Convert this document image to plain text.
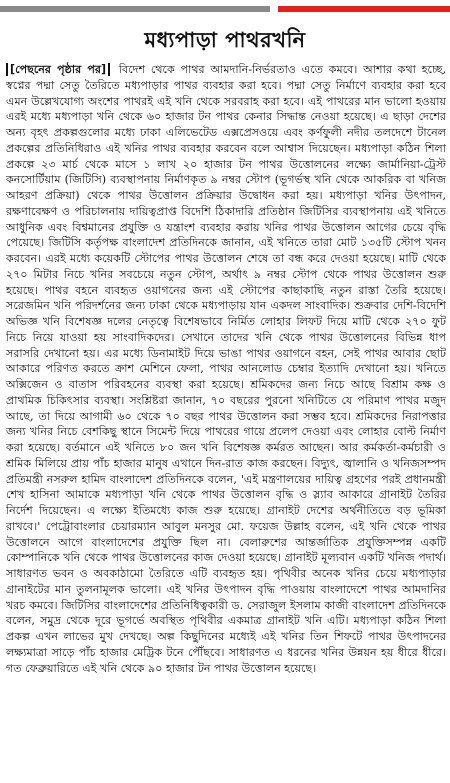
মধ্যপাড়া পাথরখনি
[পেছনের পৃষ্ঠার পর] বিদেশ থেকে পাথর আমদানি-নির্ভরতাও এতে কমবে। আশার কথা হচ্ছে, স্বপ্নের পদ্মা সেতু তৈরিতে মধ্যপাড়ার পাথর ব্যবহার করা হবে। পদ্মা সেতু নির্মাণে ব্যবহার করা হবে এমন উল্লেখযোগ্য অংশের পাথরই এই খনি থেকে সরবরাহ করা হবে। এই পাথরের মান ভালো হওয়ায় এরই মধ্যে মধ্যপাড়া খনি থেকে ৬০ হাজার টন পাথর কেনার সিদ্ধান্ত নেওয়া হয়েছে। এ ছাড়া দেশের অন্য বৃহৎ প্রকল্পগুলোর মধ্যে ঢাকা এলিভেটেড এক্সপ্রেসওয়ে এবং কর্ণফুলী নদীর তলদেশে টানেল প্রকল্পের প্রতিনিধিরাও এই খনির পাথর ব্যবহার করবেন বলে আশ্বাস দিয়েছেন। মধ্যপাড়া কঠিন শিলা প্রকল্পে ২৩ মার্চ থেকে মাসে ১ লাখ ২০ হাজার টন পাথর উত্তোলনের লক্ষ্যে জার্মানিয়া-ট্রেস্ট কনসোর্টিয়াম (জিটিসি) ব্যবস্থাপনায় নির্মাণকৃত ৯ নম্বর স্টোপ (ভূগর্ভস্থ খনি থেকে আকরিক বা খনিজ আহরণ প্রক্রিয়া) থেকে পাথর উত্তোলন প্রক্রিয়ার উদ্বোধন করা হয়। মধ্যপাড়া খনির উৎপাদন, রক্ষণাবেক্ষণ ও পরিচালনায় দায়িত্বপ্রাপ্ত বিদেশি ঠিকাদারি প্রতিষ্ঠান জিটিসির ব্যবস্থাপনায় এই খনিতে আধুনিক এবং বিশ্বমানের প্রযুক্তি ও যন্ত্রাংশ ব্যবহার করায় খনির পাথর উত্তোলন আগের চেয়ে বৃদ্ধি পেয়েছে। জিটিসি কর্তৃপক্ষ বাংলাদেশ প্রতিদিনকে জানান, এই খনিতে তারা মোট ১৩৫টি স্টোপ খনন করবেন। এরই মধ্যে কয়েকটি স্টোপের পাথর উত্তোলন শেষে তা বন্ধ করে দেওয়া হয়েছে। মাটি থেকে ২৭০ মিটার নিচে খনির সবচেয়ে নতুন স্টোপ, অর্থাৎ ৯ নম্বর স্টোপ থেকে পাথর উত্তোলন শুরু হয়েছে। পাথর বহনে ব্যবহৃত ওয়াগনের জন্য এই স্টোপের কাছাকাছি নতুন রাস্তা তৈরি হয়েছে। সরেজমিন খনি পরিদর্শনের জন্য ঢাকা থেকে মধ্যপাড়ায় যান একদল সাংবাদিক। শুক্রবার দেশি-বিদেশি অভিজ্ঞ খনি বিশেষজ্ঞ দলের নেতৃত্বে বিশেষভাবে নির্মিত লোহার লিফট দিয়ে মাটি থেকে ২৭০ ফুট নিচে নিয়ে যাওয়া হয় সাংবাদিকদের। সেখানে তাদের খনি থেকে পাথর উত্তোলনের বিভিন্ন ধাপ সরাসরি দেখানো হয়। এর মধ্যে ডিনামাইট দিয়ে ভাঙা পাথর ওয়াগনে বহন, সেই পাথর আবার ছোট আকারে পরিণত করতে ক্রাশ মেশিনে ফেলা, পাথর আনলোড চেম্বার ইত্যাদি দেখানো হয়। খনিতে অক্সিজেন ও বাতাস পরিবহনের ব্যবস্থা করা হয়েছে। শ্রমিকদের জন্য নিচে আছে বিশ্রাম কক্ষ ও প্রাথমিক চিকিৎসার ব্যবস্থা। সংশ্লিষ্টরা জানান, ৭০ বছরের পুরনো খনিটিতে যে পরিমাণ পাথর মজুদ আছে, তা দিয়ে আগামী ৬০ থেকে ৭০ বছর পাথর উত্তোলন করা সম্ভব হবে। শ্রমিকদের নিরাপত্তার জন্য খনির নিচে বেশকিছু স্থানে সিমেন্ট দিয়ে পাথরের গায়ে প্রলেপ দেওয়া এবং লোহার বোল্ট নির্মাণ করা হয়েছে। বর্তমানে এই খনিতে ৮০ জন খনি বিশেষজ্ঞ কর্মরত আছেন। আর কর্মকর্তা-কর্মচারী ও শ্রমিক মিলিয়ে প্রায় পাঁচ হাজার মানুষ এখানে দিন-রাত কাজ করছেন। বিদ্যুৎ, জ্বালানি ও খনিজসম্পদ প্রতিমন্ত্রী নসরুল হামিদ বাংলাদেশ প্রতিদিনকে বলেন, 'এই মন্ত্রণালয়ের দায়িত্ব গ্রহণের পরই প্রধানমন্ত্রী শেখ হাসিনা আমাকে মধ্যপাড়া খনি থেকে পাথর উত্তোলন বৃদ্ধি ও স্ল্যাব আকারে গ্রানাইট তৈরির নির্দেশ দিয়েছেন। এ লক্ষ্যে ইতিমধ্যে কাজ শুরু হয়েছে। গ্রানাইট দেশের অর্থনীতিতে বড় ভূমিকা রাখবে।' পেট্রোবাংলার চেয়ারম্যান আবুল মনসুর মো. ফয়েজ উল্লাহ বলেন, এই খনি থেকে পাথর উত্তোলনে আগে বাংলাদেশের প্রযুক্তি ছিল না। বেলারুশের আন্তর্জাতিক প্রযুক্তিসম্পন্ন একটি কোম্পানিকে খনি থেকে পাথর উত্তোলনের কাজ দেওয়া হয়েছে। গ্রানাইট মূল্যবান একটি খনিজ পদার্থ। সাধারণত ভবন ও অবকাঠামো তৈরিতে এটি ব্যবহৃত হয়। পৃথিবীর অনেক খনির চেয়ে মধ্যপাড়ার গ্রানাইটের মান তুলনামূলক ভালো। এই খনির উৎপাদন বৃদ্ধি পাওয়ায় বাংলাদেশে পাথর আমদানির খরচ কমবে। জিটিসির বাংলাদেশের প্রতিনিধিত্বকারী ড. সেরাজুল ইসলাম কাজী বাংলাদেশ প্রতিদিনকে বলেন, সমুদ্র থেকে দূরে ভূগর্ভে অবস্থিত পৃথিবীর একমাত্র গ্রানাইট খনি এটি। মধ্যপাড়া কঠিন শিলা প্রকল্প এখন লাভের মুখ দেখছে। অল্প কিছুদিনের মধ্যেই এই খনির তিন শিফটে পাথর উৎপাদনের লক্ষ্যমাত্রা সাড়ে পাঁচ হাজার মেট্রিক টনে পৌঁছবে। সাধারণত এ ধরনের খনির উন্নয়ন হয় ধীরে ধীরে। গত ফেব্রুয়ারিতে এই খনি থেকে ৯০ হাজার টন পাথর উত্তোলন হয়েছে।
